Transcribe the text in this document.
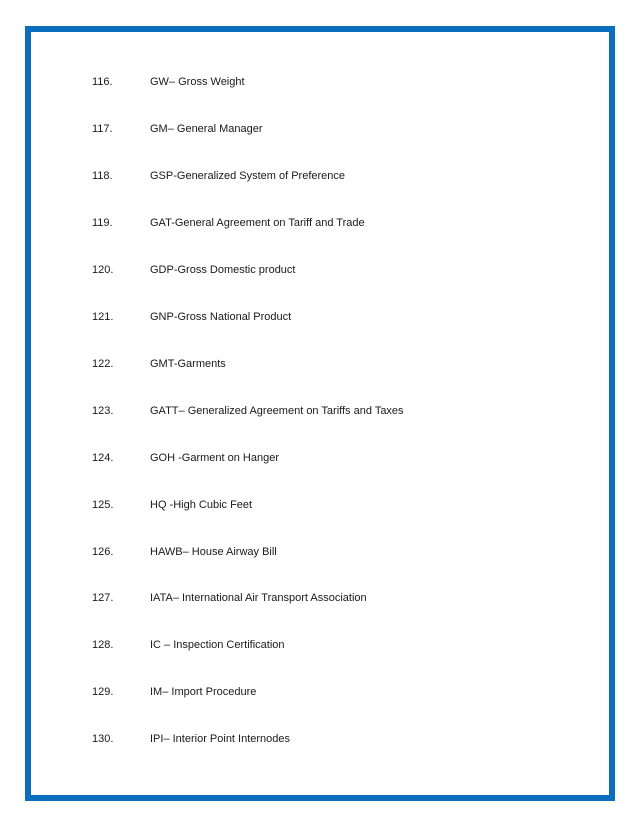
116.	GW– Gross Weight
117.	GM– General Manager
118.	GSP-Generalized System of Preference
119.	GAT-General Agreement on Tariff and Trade
120.	GDP-Gross Domestic product
121.	GNP-Gross National Product
122.	GMT-Garments
123.	GATT– Generalized Agreement on Tariffs and Taxes
124.	GOH -Garment on Hanger
125.	HQ -High Cubic Feet
126.	HAWB– House Airway Bill
127.	IATA– International Air Transport Association
128.	IC – Inspection Certification
129.	IM– Import Procedure
130.	IPI– Interior Point Internodes
